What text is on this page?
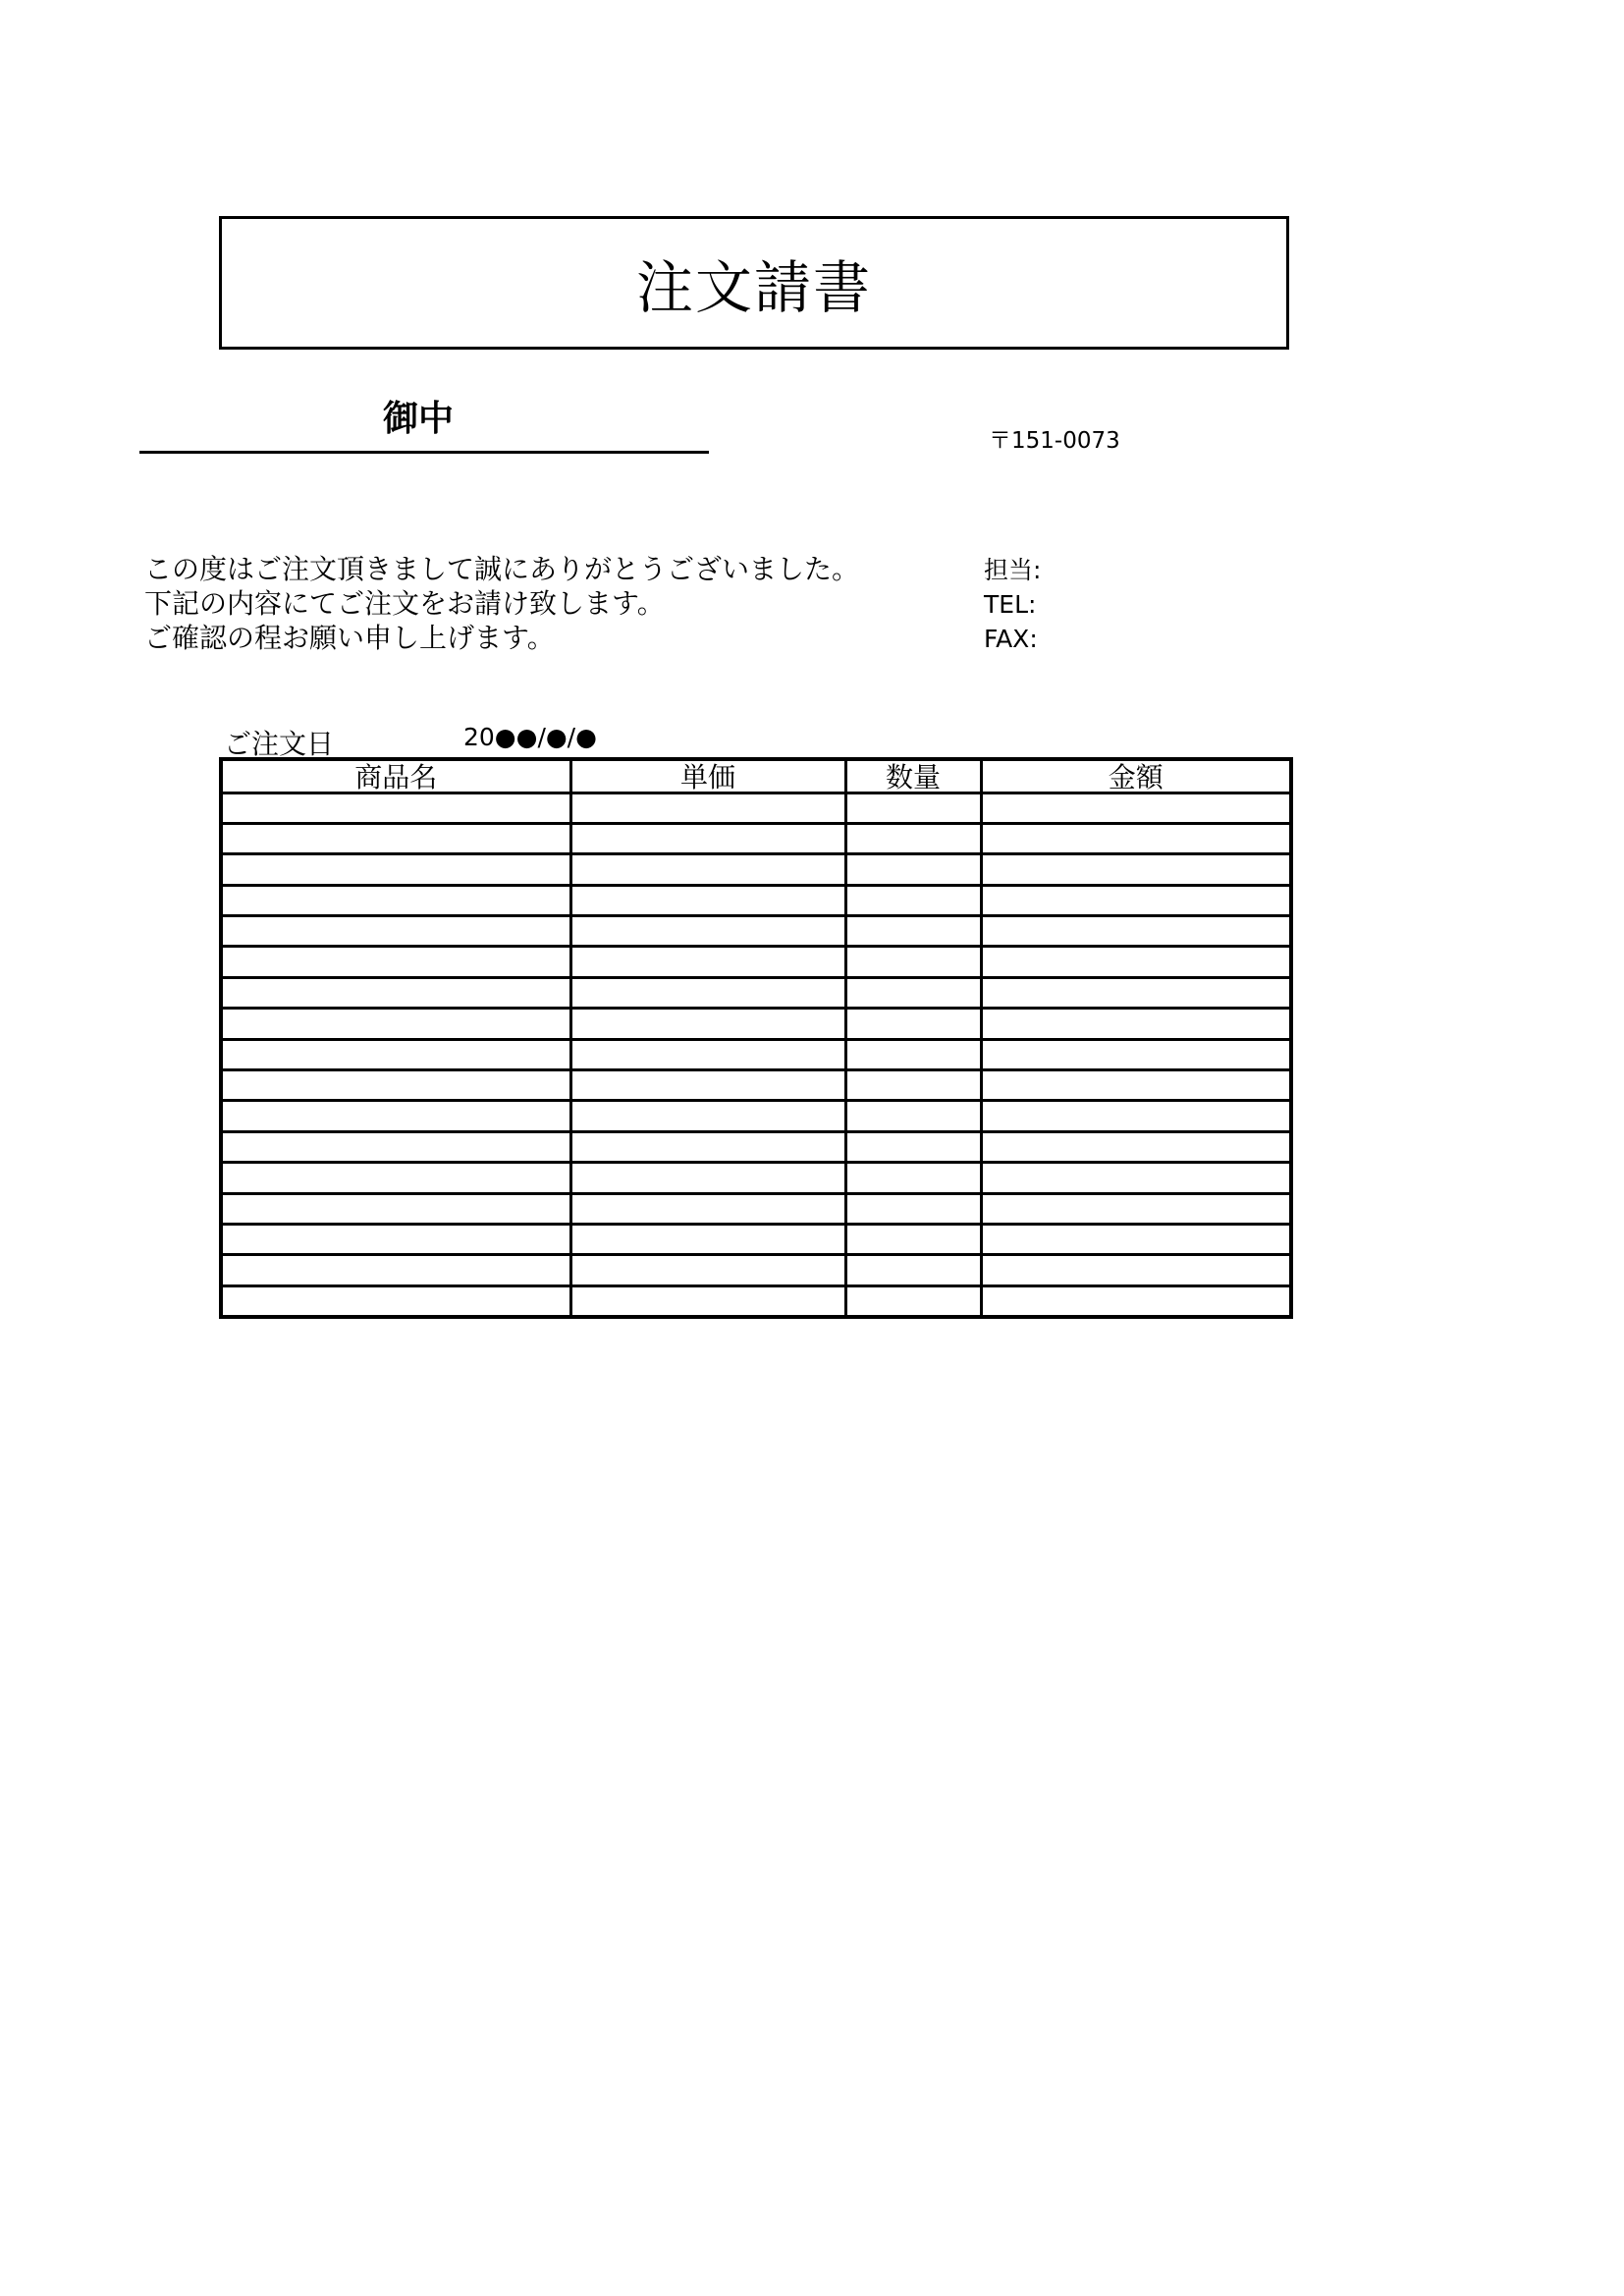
注文請書
御中
〒151-0073
この度はご注文頂きまして誠にありがとうございました。
下記の内容にてご注文をお請け致します。
ご確認の程お願い申し上げます。
担当:
TEL:
FAX:
ご注文日	20●●/●/●
商品名	単価	数量	金額
